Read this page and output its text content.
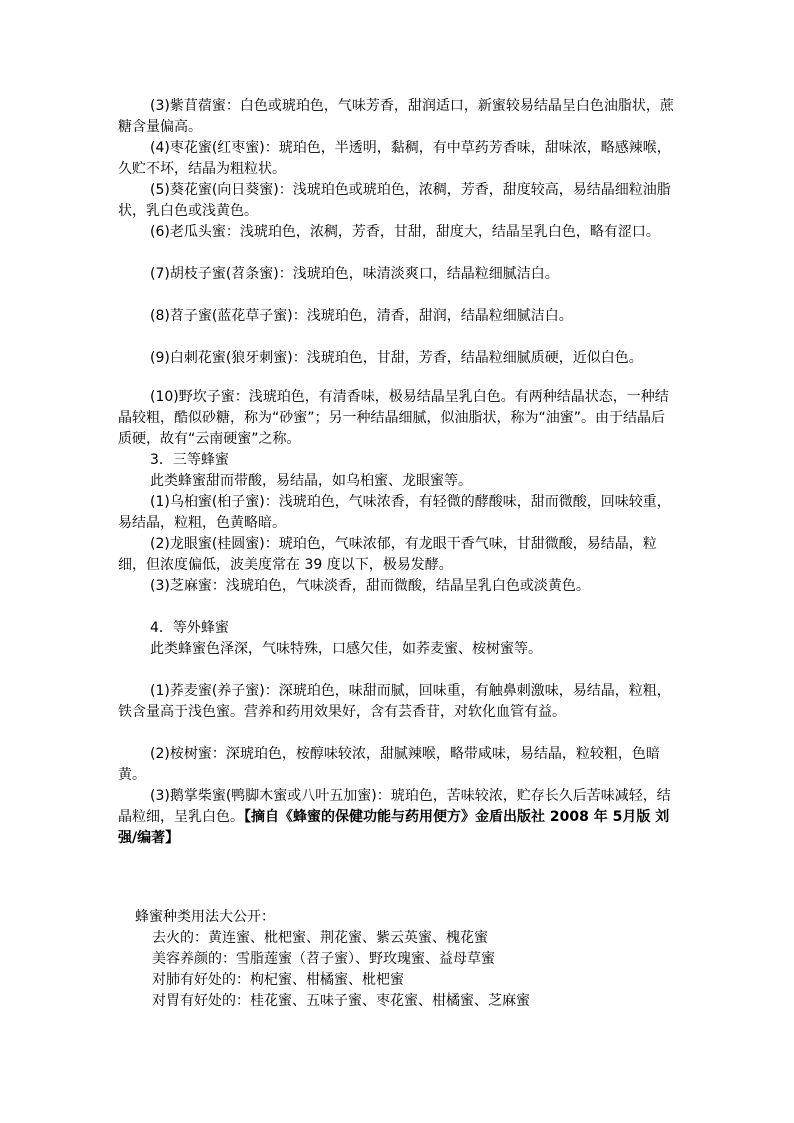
(3)紫苜蓿蜜：白色或琥珀色，气味芳香，甜润适口，新蜜较易结晶呈白色油脂状，蔗糖含量偏高。

(4)枣花蜜(红枣蜜)：琥珀色，半透明，黏稠，有中草药芳香味，甜味浓，略感辣喉，久贮不坏，结晶为粗粒状。

(5)葵花蜜(向日葵蜜)：浅琥珀色或琥珀色，浓稠，芳香，甜度较高，易结晶细粒油脂状，乳白色或浅黄色。

(6)老瓜头蜜：浅琥珀色，浓稠，芳香，甘甜，甜度大，结晶呈乳白色，略有涩口。

(7)胡枝子蜜(苕条蜜)：浅琥珀色，味清淡爽口，结晶粒细腻洁白。

(8)苕子蜜(蓝花草子蜜)：浅琥珀色，清香，甜润，结晶粒细腻洁白。

(9)白刺花蜜(狼牙刺蜜)：浅琥珀色，甘甜，芳香，结晶粒细腻质硬，近似白色。

(10)野坎子蜜：浅琥珀色，有清香味，极易结晶呈乳白色。有两种结晶状态，一种结晶较粗，酷似砂糖，称为“砂蜜”；另一种结晶细腻，似油脂状，称为“油蜜”。由于结晶后质硬，故有“云南硬蜜”之称。

3．三等蜂蜜

此类蜂蜜甜而带酸，易结晶，如乌桕蜜、龙眼蜜等。

(1)乌桕蜜(桕子蜜)：浅琥珀色，气味浓香，有轻微的酵酸味，甜而微酸，回味较重，易结晶，粒粗，色黄略暗。

(2)龙眼蜜(桂圆蜜)：琥珀色，气味浓郁，有龙眼干香气味，甘甜微酸，易结晶，粒细，但浓度偏低，波美度常在 39 度以下，极易发酵。

(3)芝麻蜜：浅琥珀色，气味淡香，甜而微酸，结晶呈乳白色或淡黄色。

4．等外蜂蜜

此类蜂蜜色泽深，气味特殊，口感欠佳，如荞麦蜜、桉树蜜等。

(1)荞麦蜜(养子蜜)：深琥珀色，味甜而腻，回味重，有触鼻刺激味，易结晶，粒粗，铁含量高于浅色蜜。营养和药用效果好，含有芸香苷，对软化血管有益。

(2)桉树蜜：深琥珀色，桉醇味较浓，甜腻辣喉，略带咸味，易结晶，粒较粗，色暗黄。

(3)鹅掌柴蜜(鸭脚木蜜或八叶五加蜜)：琥珀色，苦味较浓，贮存长久后苦味减轻，结晶粒细，呈乳白色。【摘自《蜂蜜的保健功能与药用便方》金盾出版社 2008 年 5月版 刘强/编著】

蜂蜜种类用法大公开：

去火的：黄连蜜、枇杷蜜、荆花蜜、紫云英蜜、槐花蜜

美容养颜的：雪脂莲蜜（苕子蜜）、野玫瑰蜜、益母草蜜

对肺有好处的：枸杞蜜、柑橘蜜、枇杷蜜

对胃有好处的：桂花蜜、五味子蜜、枣花蜜、柑橘蜜、芝麻蜜
